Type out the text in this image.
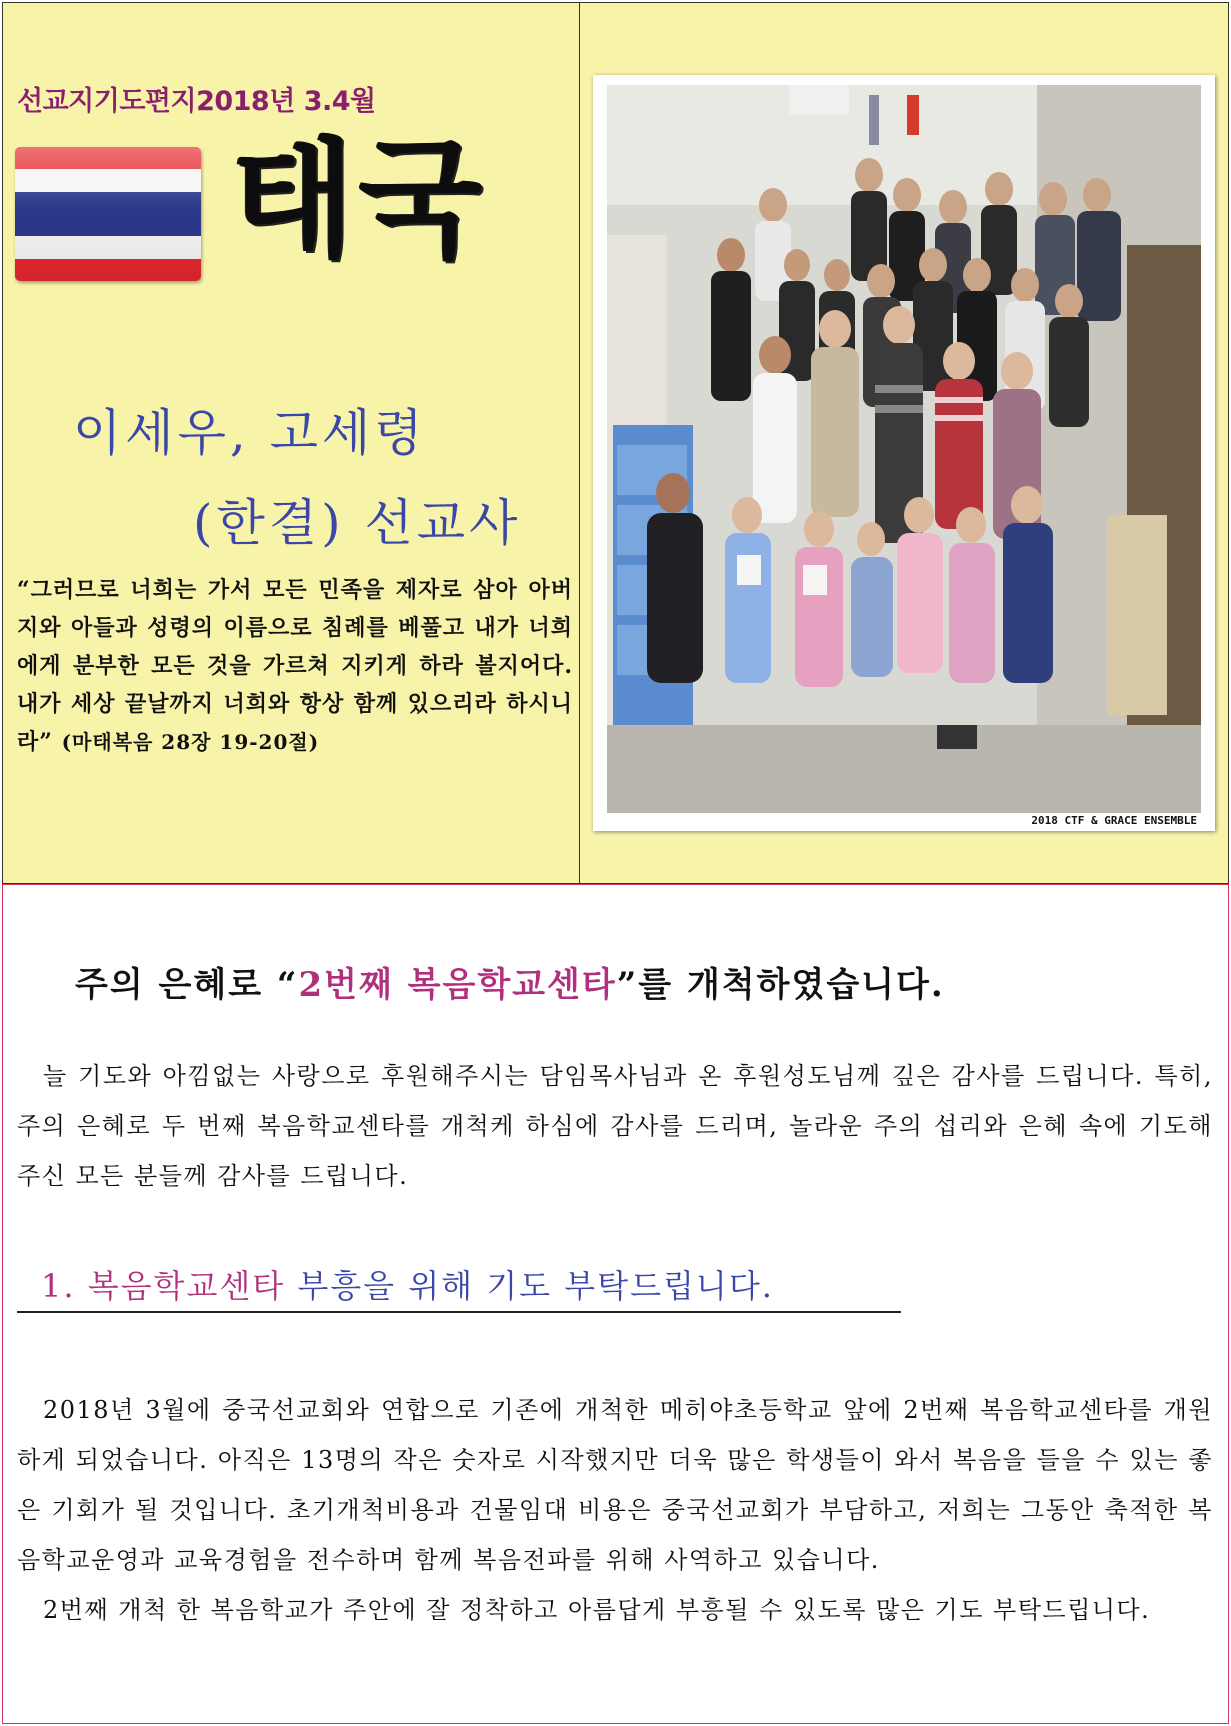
선교지기도편지2018년 3.4월
태국
이세우, 고세령
(한결) 선교사
“그러므로 너희는 가서 모든 민족을 제자로 삼아 아버지와 아들과 성령의 이름으로 침례를 베풀고 내가 너희에게 분부한 모든 것을 가르쳐 지키게 하라 볼지어다. 내가 세상 끝날까지 너희와 항상 함께 있으리라 하시니라” (마태복음 28장 19-20절)
2018 CTF & GRACE ENSEMBLE
주의 은혜로 “2번째 복음학교센타”를 개척하였습니다.
늘 기도와 아낌없는 사랑으로 후원해주시는 담임목사님과 온 후원성도님께 깊은 감사를 드립니다. 특히, 주의 은혜로 두 번째 복음학교센타를 개척케 하심에 감사를 드리며, 놀라운 주의 섭리와 은혜 속에 기도해주신 모든 분들께 감사를 드립니다.
1. 복음학교센타 부흥을 위해 기도 부탁드립니다.
2018년 3월에 중국선교회와 연합으로 기존에 개척한 메히야초등학교 앞에 2번째 복음학교센타를 개원하게 되었습니다. 아직은 13명의 작은 숫자로 시작했지만 더욱 많은 학생들이 와서 복음을 들을 수 있는 좋은 기회가 될 것입니다. 초기개척비용과 건물임대 비용은 중국선교회가 부담하고, 저희는 그동안 축적한 복음학교운영과 교육경험을 전수하며 함께 복음전파를 위해 사역하고 있습니다.
2번째 개척 한 복음학교가 주안에 잘 정착하고 아름답게 부흥될 수 있도록 많은 기도 부탁드립니다.
